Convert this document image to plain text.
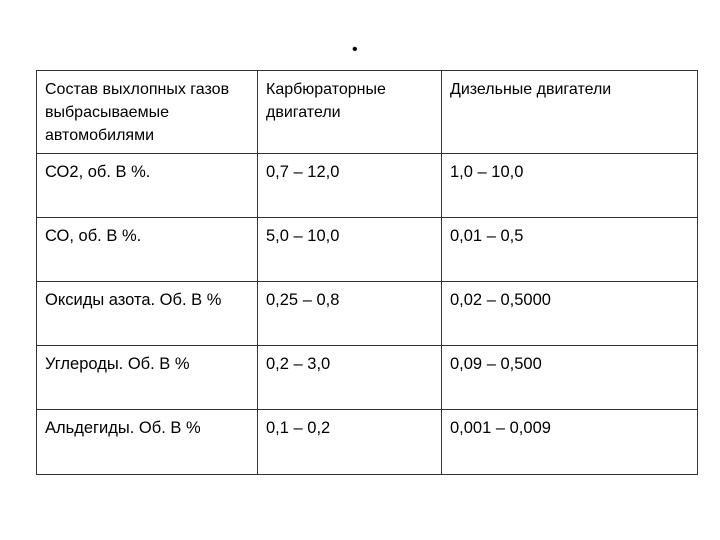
•
Состав выхлопных газов выбрасываемые автомобилями	Карбюраторные двигатели	Дизельные двигатели
СО2, об. В %.	0,7 – 12,0	1,0 – 10,0
СО, об. В %.	5,0 – 10,0	0,01 – 0,5
Оксиды азота. Об. В %	0,25 – 0,8	0,02 – 0,5000
Углероды. Об. В %	0,2 – 3,0	0,09 – 0,500
Альдегиды. Об. В %	0,1 – 0,2	0,001 – 0,009
